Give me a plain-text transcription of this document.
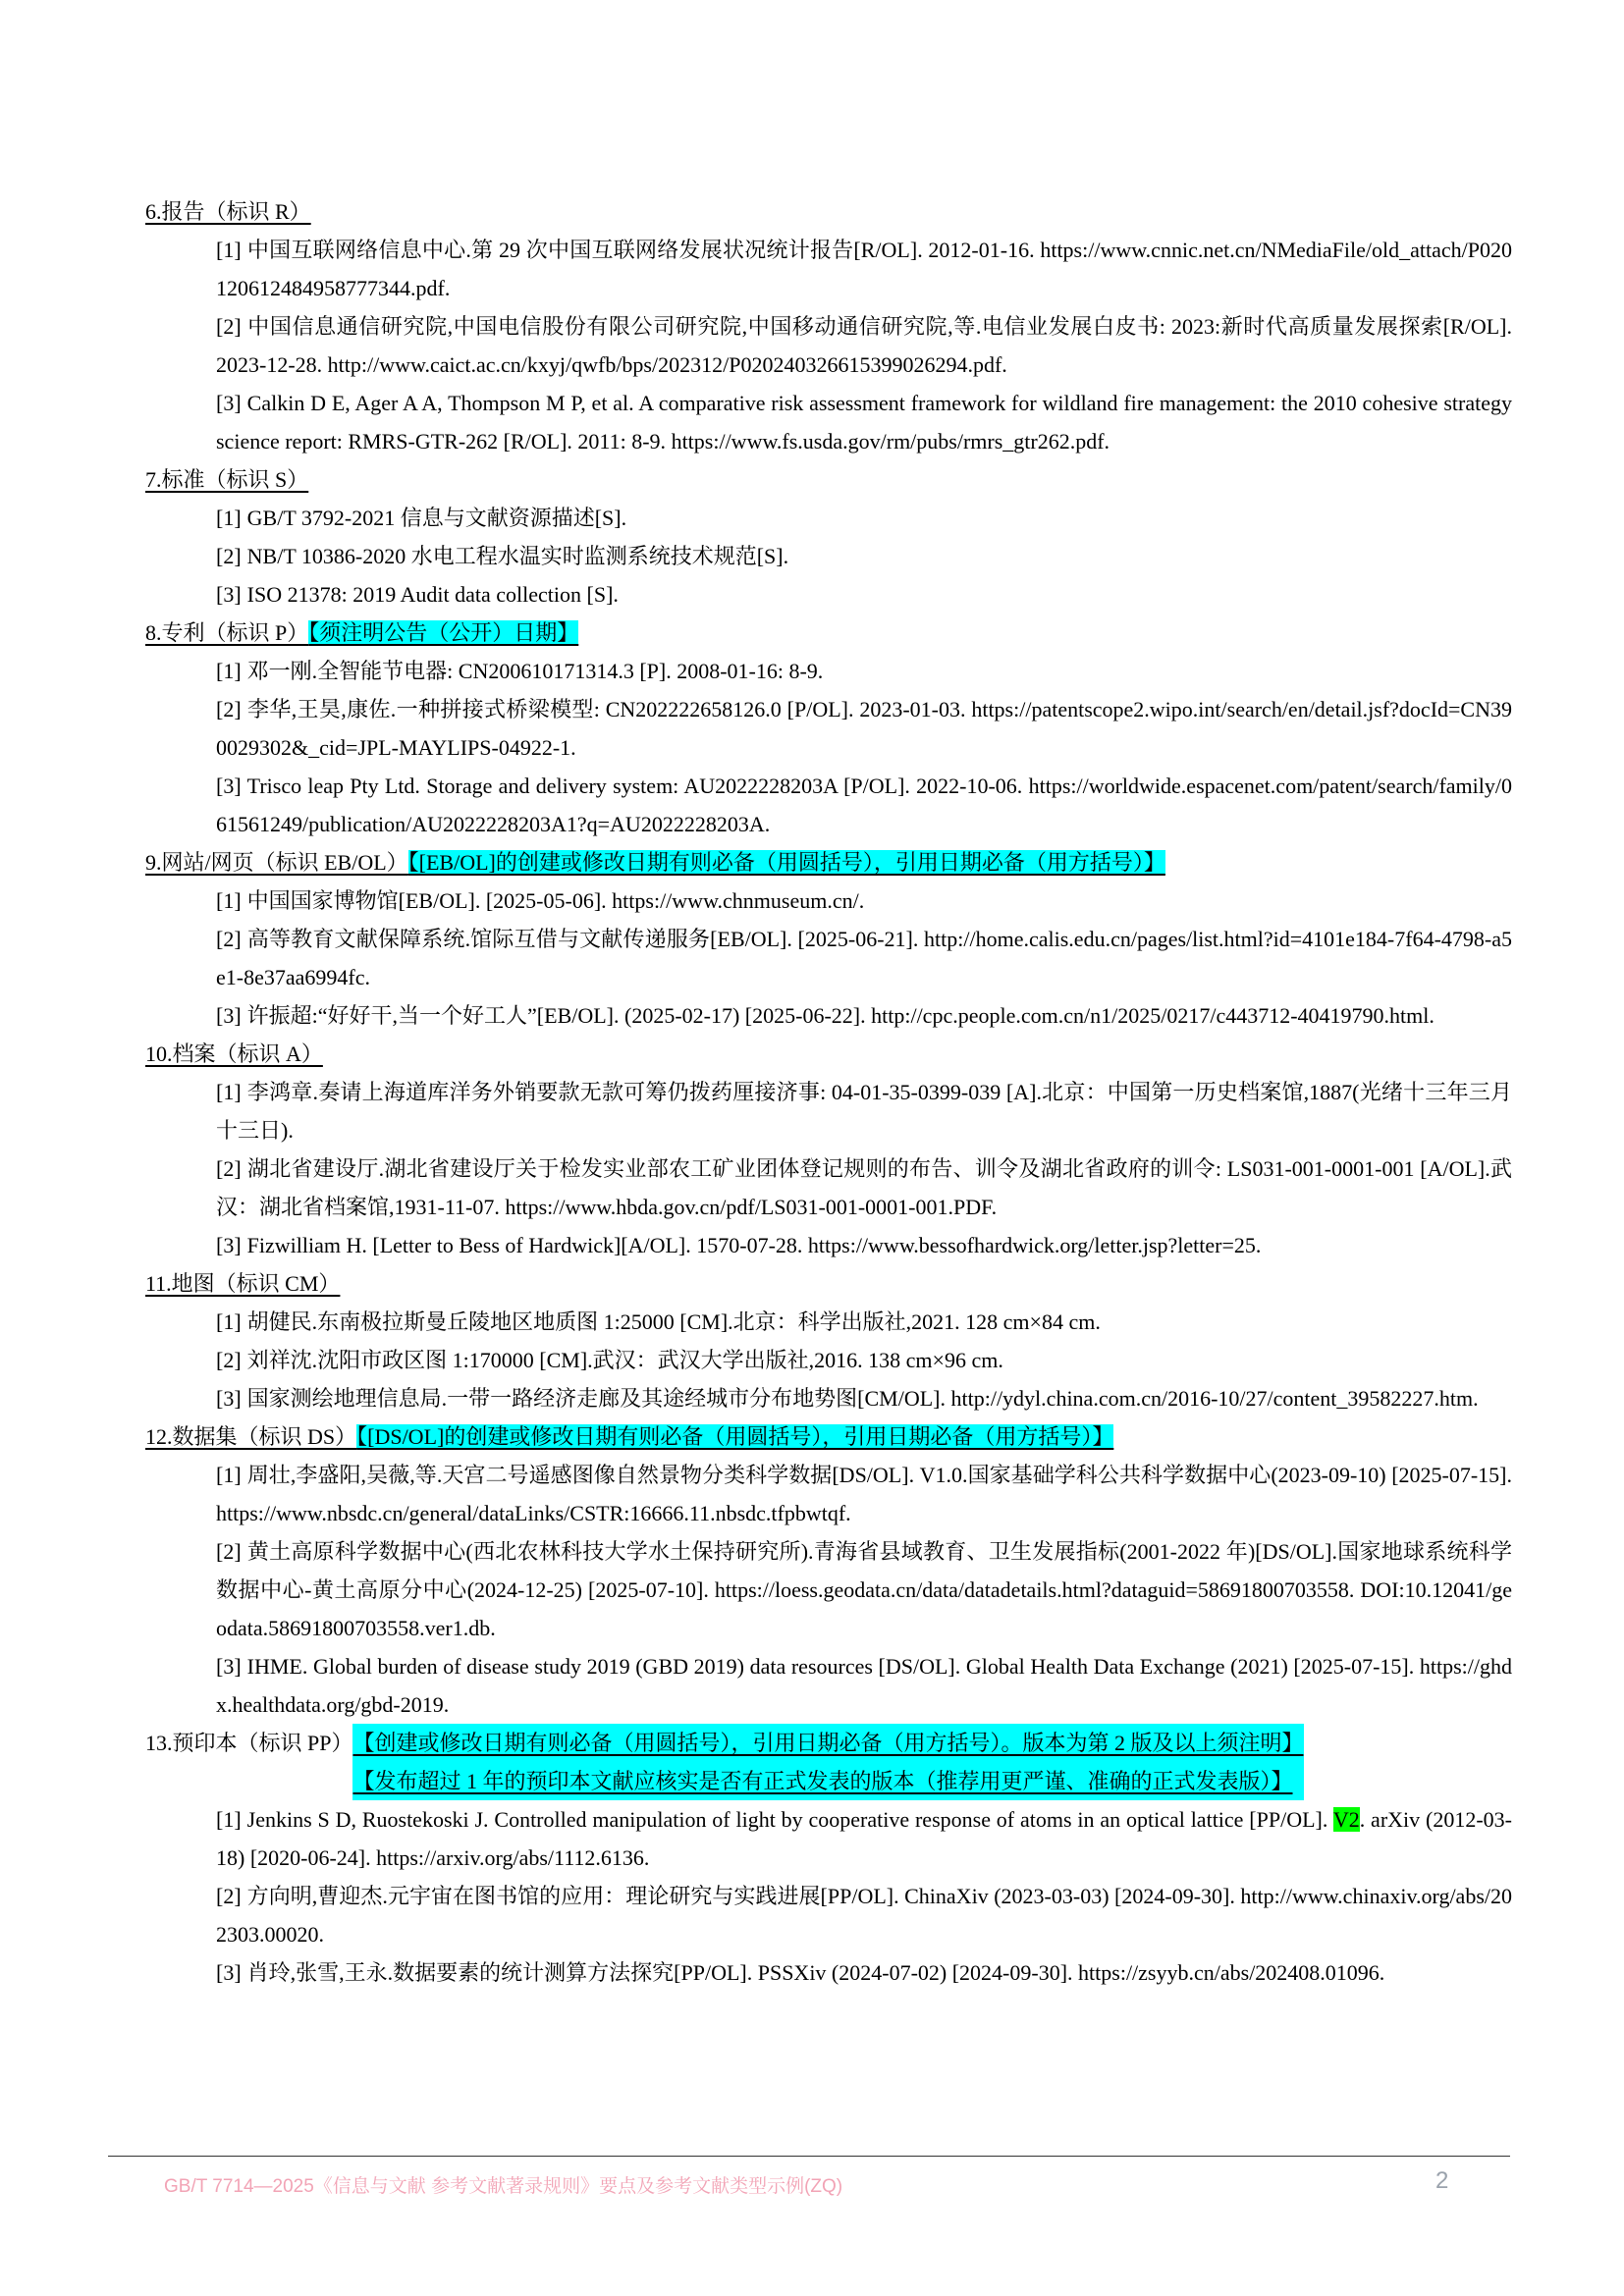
6.报告（标识 R）
[1] 中国互联网络信息中心.第 29 次中国互联网络发展状况统计报告[R/OL]. 2012-01-16. https://www.cnnic.net.cn/NMediaFile/old_attach/P020120612484958777344.pdf.
[2] 中国信息通信研究院,中国电信股份有限公司研究院,中国移动通信研究院,等.电信业发展白皮书: 2023:新时代高质量发展探索[R/OL]. 2023-12-28. http://www.caict.ac.cn/kxyj/qwfb/bps/202312/P020240326615399026294.pdf.
[3] Calkin D E, Ager A A, Thompson M P, et al. A comparative risk assessment framework for wildland fire management: the 2010 cohesive strategy science report: RMRS-GTR-262 [R/OL]. 2011: 8-9. https://www.fs.usda.gov/rm/pubs/rmrs_gtr262.pdf.
7.标准（标识 S）
[1] GB/T 3792-2021 信息与文献资源描述[S].
[2] NB/T 10386-2020 水电工程水温实时监测系统技术规范[S].
[3] ISO 21378: 2019 Audit data collection [S].
8.专利（标识 P）【须注明公告（公开）日期】
[1] 邓一刚.全智能节电器: CN200610171314.3 [P]. 2008-01-16: 8-9.
[2] 李华,王昊,康佐.一种拼接式桥梁模型: CN202222658126.0 [P/OL]. 2023-01-03. https://patentscope2.wipo.int/search/en/detail.jsf?docId=CN390029302&_cid=JPL-MAYLIPS-04922-1.
[3] Trisco leap Pty Ltd. Storage and delivery system: AU2022228203A [P/OL]. 2022-10-06. https://worldwide.espacenet.com/patent/search/family/061561249/publication/AU2022228203A1?q=AU2022228203A.
9.网站/网页（标识 EB/OL）【[EB/OL]的创建或修改日期有则必备（用圆括号），引用日期必备（用方括号）】
[1] 中国国家博物馆[EB/OL]. [2025-05-06]. https://www.chnmuseum.cn/.
[2] 高等教育文献保障系统.馆际互借与文献传递服务[EB/OL]. [2025-06-21]. http://home.calis.edu.cn/pages/list.html?id=4101e184-7f64-4798-a5e1-8e37aa6994fc.
[3] 许振超:“好好干,当一个好工人”[EB/OL]. (2025-02-17) [2025-06-22]. http://cpc.people.com.cn/n1/2025/0217/c443712-40419790.html.
10.档案（标识 A）
[1] 李鸿章.奏请上海道库洋务外销要款无款可筹仍拨药厘接济事: 04-01-35-0399-039 [A].北京：中国第一历史档案馆,1887(光绪十三年三月十三日).
[2] 湖北省建设厅.湖北省建设厅关于检发实业部农工矿业团体登记规则的布告、训令及湖北省政府的训令: LS031-001-0001-001 [A/OL].武汉：湖北省档案馆,1931-11-07. https://www.hbda.gov.cn/pdf/LS031-001-0001-001.PDF.
[3] Fizwilliam H. [Letter to Bess of Hardwick][A/OL]. 1570-07-28. https://www.bessofhardwick.org/letter.jsp?letter=25.
11.地图（标识 CM）
[1] 胡健民.东南极拉斯曼丘陵地区地质图 1:25000 [CM].北京：科学出版社,2021. 128 cm×84 cm.
[2] 刘祥沈.沈阳市政区图 1:170000 [CM].武汉：武汉大学出版社,2016. 138 cm×96 cm.
[3] 国家测绘地理信息局.一带一路经济走廊及其途经城市分布地势图[CM/OL]. http://ydyl.china.com.cn/2016-10/27/content_39582227.htm.
12.数据集（标识 DS）【[DS/OL]的创建或修改日期有则必备（用圆括号），引用日期必备（用方括号）】
[1] 周壮,李盛阳,吴薇,等.天宫二号遥感图像自然景物分类科学数据[DS/OL]. V1.0.国家基础学科公共科学数据中心(2023-09-10) [2025-07-15]. https://www.nbsdc.cn/general/dataLinks/CSTR:16666.11.nbsdc.tfpbwtqf.
[2] 黄土高原科学数据中心(西北农林科技大学水土保持研究所).青海省县域教育、卫生发展指标(2001-2022 年)[DS/OL].国家地球系统科学数据中心-黄土高原分中心(2024-12-25) [2025-07-10]. https://loess.geodata.cn/data/datadetails.html?dataguid=58691800703558. DOI:10.12041/geodata.58691800703558.ver1.db.
[3] IHME. Global burden of disease study 2019 (GBD 2019) data resources [DS/OL]. Global Health Data Exchange (2021) [2025-07-15]. https://ghdx.healthdata.org/gbd-2019.
13.预印本（标识 PP） 【创建或修改日期有则必备（用圆括号），引用日期必备（用方括号）。版本为第 2 版及以上须注明】
【发布超过 1 年的预印本文献应核实是否有正式发表的版本（推荐用更严谨、准确的正式发表版）】
[1] Jenkins S D, Ruostekoski J. Controlled manipulation of light by cooperative response of atoms in an optical lattice [PP/OL]. V2. arXiv (2012-03-18) [2020-06-24]. https://arxiv.org/abs/1112.6136.
[2] 方向明,曹迎杰.元宇宙在图书馆的应用：理论研究与实践进展[PP/OL]. ChinaXiv (2023-03-03) [2024-09-30]. http://www.chinaxiv.org/abs/202303.00020.
[3] 肖玲,张雪,王永.数据要素的统计测算方法探究[PP/OL]. PSSXiv (2024-07-02) [2024-09-30]. https://zsyyb.cn/abs/202408.01096.
GB/T 7714—2025《信息与文献 参考文献著录规则》要点及参考文献类型示例(ZQ)	2
